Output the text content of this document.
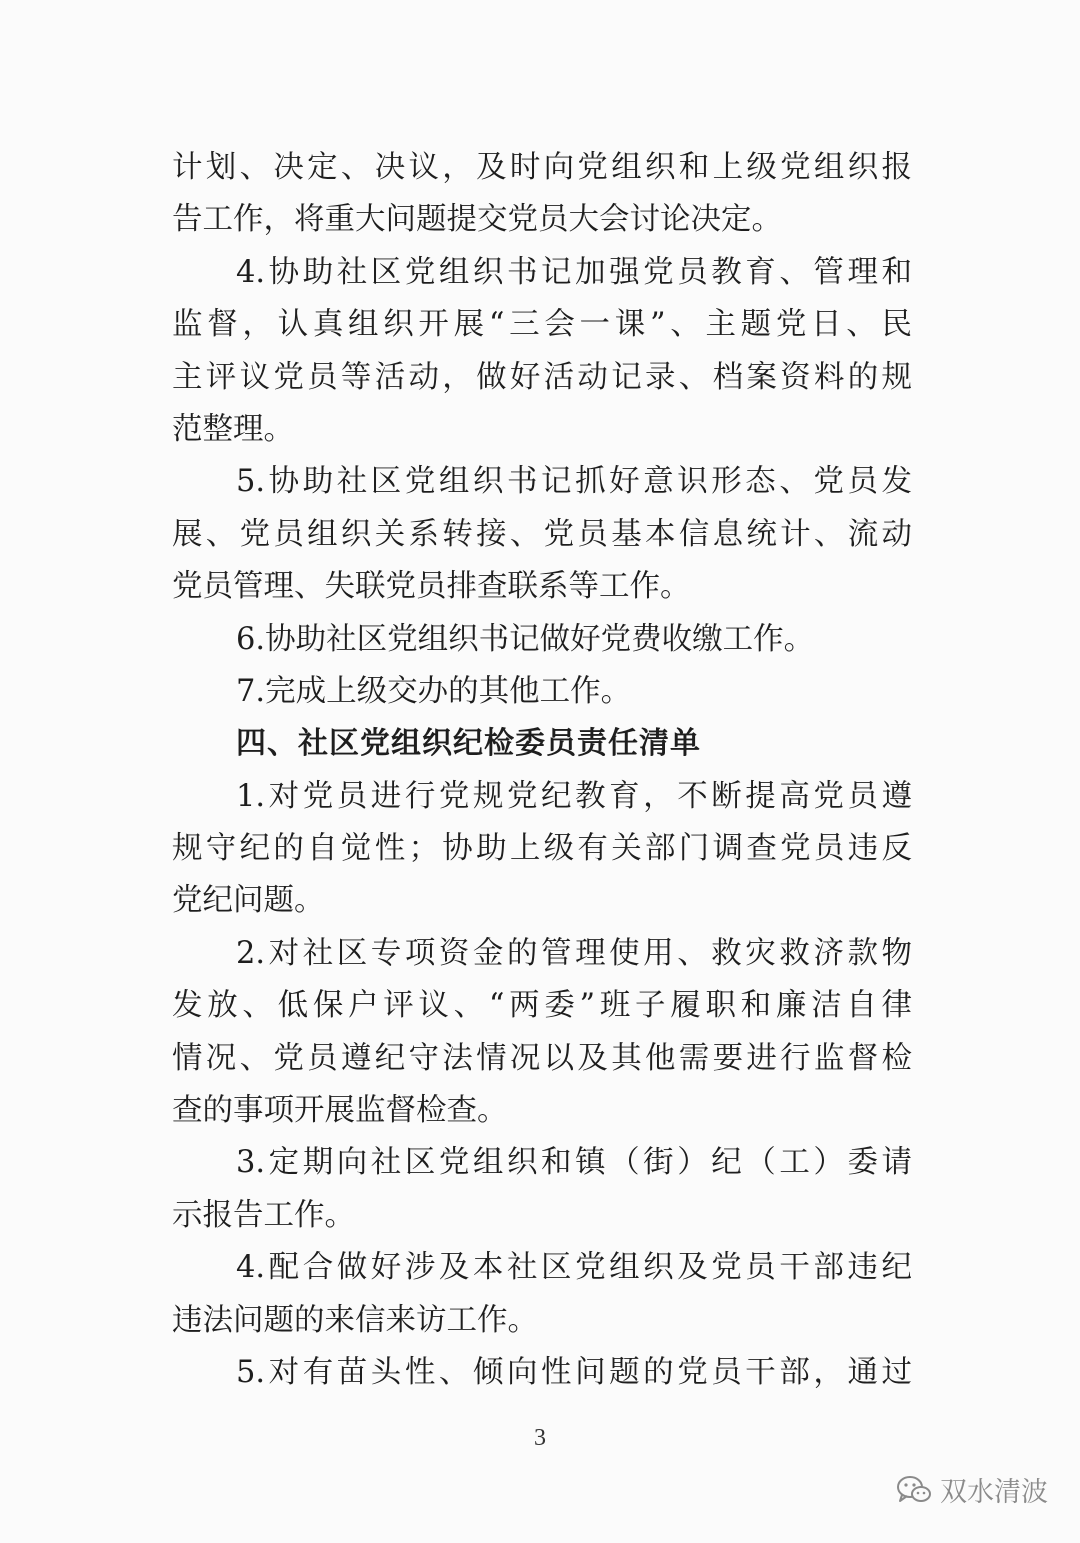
计划、决定、决议，及时向党组织和上级党组织报
告工作，将重大问题提交党员大会讨论决定。
4.协助社区党组织书记加强党员教育、管理和
监督，认真组织开展“三会一课”、主题党日、民
主评议党员等活动，做好活动记录、档案资料的规
范整理。
5.协助社区党组织书记抓好意识形态、党员发
展、党员组织关系转接、党员基本信息统计、流动
党员管理、失联党员排查联系等工作。
6.协助社区党组织书记做好党费收缴工作。
7.完成上级交办的其他工作。
四、社区党组织纪检委员责任清单
1.对党员进行党规党纪教育，不断提高党员遵
规守纪的自觉性；协助上级有关部门调查党员违反
党纪问题。
2.对社区专项资金的管理使用、救灾救济款物
发放、低保户评议、“两委”班子履职和廉洁自律
情况、党员遵纪守法情况以及其他需要进行监督检
查的事项开展监督检查。
3.定期向社区党组织和镇（街）纪（工）委请
示报告工作。
4.配合做好涉及本社区党组织及党员干部违纪
违法问题的来信来访工作。
5.对有苗头性、倾向性问题的党员干部，通过
3
双水清波
